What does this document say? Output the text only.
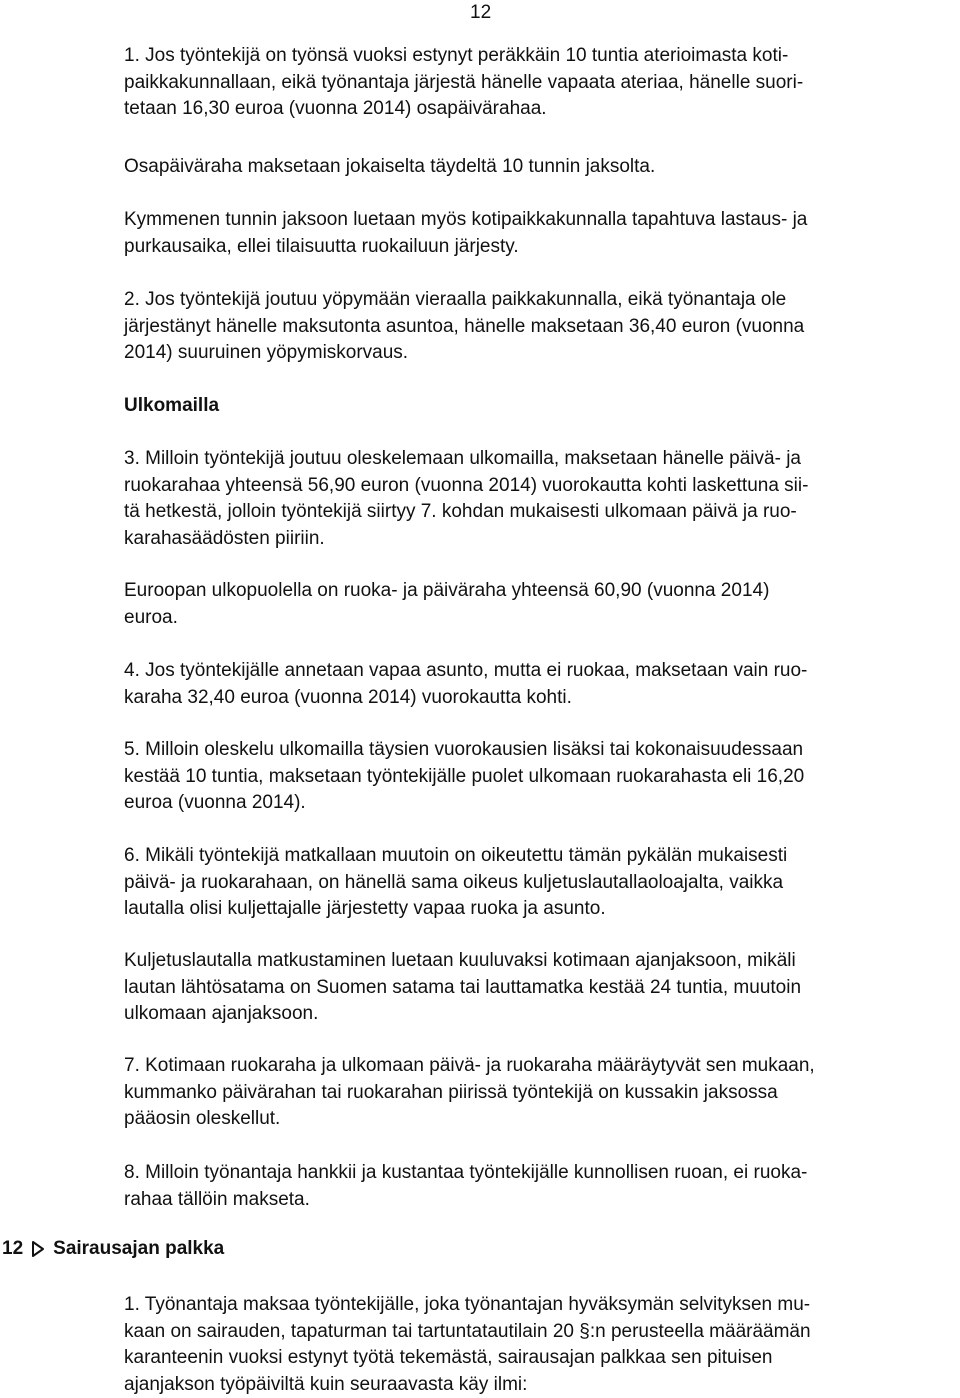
12

1. Jos työntekijä on työnsä vuoksi estynyt peräkkäin 10 tuntia aterioimasta koti-
paikkakunnallaan, eikä työnantaja järjestä hänelle vapaata ateriaa, hänelle suori-
tetaan 16,30 euroa (vuonna 2014) osapäivärahaa.

Osapäiväraha maksetaan jokaiselta täydeltä 10 tunnin jaksolta.

Kymmenen tunnin jaksoon luetaan myös kotipaikkakunnalla tapahtuva lastaus- ja
purkausaika, ellei tilaisuutta ruokailuun järjesty.

2. Jos työntekijä joutuu yöpymään vieraalla paikkakunnalla, eikä työnantaja ole
järjestänyt hänelle maksutonta asuntoa, hänelle maksetaan 36,40 euron (vuonna
2014) suuruinen yöpymiskorvaus.

Ulkomailla

3. Milloin työntekijä joutuu oleskelemaan ulkomailla, maksetaan hänelle päivä- ja
ruokarahaa yhteensä 56,90 euron (vuonna 2014) vuorokautta kohti laskettuna sii-
tä hetkestä, jolloin työntekijä siirtyy 7. kohdan mukaisesti ulkomaan päivä ja ruo-
karahasäädösten piiriin.

Euroopan ulkopuolella on ruoka- ja päiväraha yhteensä 60,90 (vuonna 2014)
euroa.

4. Jos työntekijälle annetaan vapaa asunto, mutta ei ruokaa, maksetaan vain ruo-
karaha 32,40 euroa (vuonna 2014) vuorokautta kohti.

5. Milloin oleskelu ulkomailla täysien vuorokausien lisäksi tai kokonaisuudessaan
kestää 10 tuntia, maksetaan työntekijälle puolet ulkomaan ruokarahasta eli 16,20
euroa (vuonna 2014).

6. Mikäli työntekijä matkallaan muutoin on oikeutettu tämän pykälän mukaisesti
päivä- ja ruokarahaan, on hänellä sama oikeus kuljetuslautallaoloajalta, vaikka
lautalla olisi kuljettajalle järjestetty vapaa ruoka ja asunto.

Kuljetuslautalla matkustaminen luetaan kuuluvaksi kotimaan ajanjaksoon, mikäli
lautan lähtösatama on Suomen satama tai lauttamatka kestää 24 tuntia, muutoin
ulkomaan ajanjaksoon.

7. Kotimaan ruokaraha ja ulkomaan päivä- ja ruokaraha määräytyvät sen mukaan,
kummanko päivärahan tai ruokarahan piirissä työntekijä on kussakin jaksossa
pääosin oleskellut.

8. Milloin työnantaja hankkii ja kustantaa työntekijälle kunnollisen ruoan, ei ruoka-
rahaa tällöin makseta.

12 Sairausajan palkka

1. Työnantaja maksaa työntekijälle, joka työnantajan hyväksymän selvityksen mu-
kaan on sairauden, tapaturman tai tartuntatautilain 20 §:n perusteella määräämän
karanteenin vuoksi estynyt työtä tekemästä, sairausajan palkkaa sen pituisen
ajanjakson työpäiviltä kuin seuraavasta käy ilmi:
